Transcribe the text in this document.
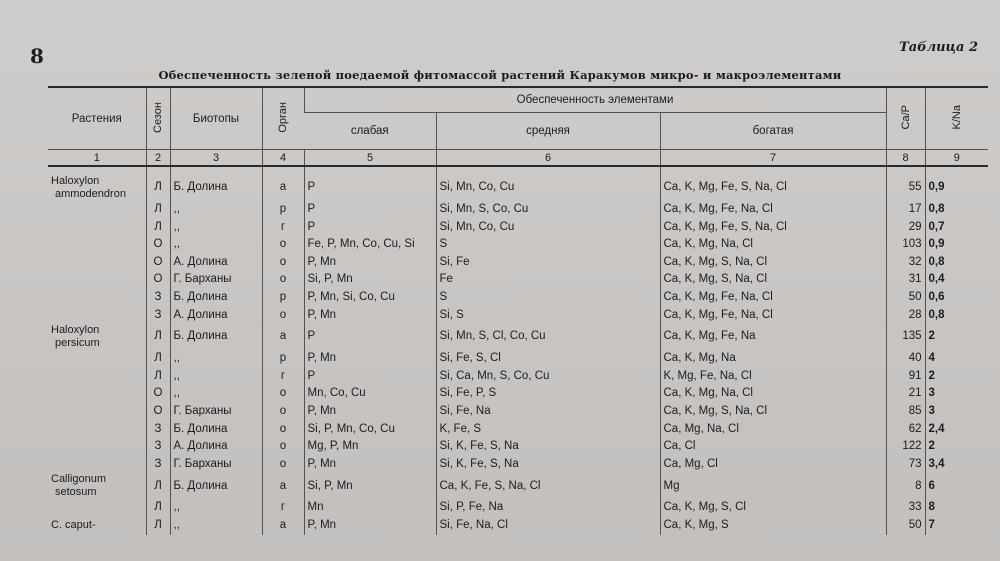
8	Таблица 2
Обеспеченность зеленой поедаемой фитомассой растений Каракумов микро- и макроэлементами
Растения	Сезон	Биотопы	Орган	Обеспеченность элементами			Ca/P	K/Na
				слабая	средняя	богатая		
1	2	3	4	5	6	7	8	9

Haloxylon
ammodendron	Л	Б. Долина	а	P	Si, Mn, Co, Cu	Ca, K, Mg, Fe, S, Na, Cl	55	0,9
	Л	,,	р	P	Si, Mn, S, Co, Cu	Ca, K, Mg, Fe, Na, Cl	17	0,8
	Л	,,	г	P	Si, Mn, Co, Cu	Ca, K, Mg, Fe, S, Na, Cl	29	0,7
	О	,,	о	Fe, P, Mn, Co, Cu, Si	S	Ca, K, Mg, Na, Cl	103	0,9
	О	А. Долина	о	P, Mn	Si, Fe	Ca, K, Mg, S, Na, Cl	32	0,8
	О	Г. Барханы	о	Si, P, Mn	Fe	Ca, K, Mg, S, Na, Cl	31	0,4
	З	Б. Долина	р	P, Mn, Si, Co, Cu	S	Ca, K, Mg, Fe, Na, Cl	50	0,6
	З	А. Долина	о	P, Mn	Si, S	Ca, K, Mg, Fe, Na, Cl	28	0,8

Haloxylon
persicum	Л	Б. Долина	а	P	Si, Mn, S, Cl, Co, Cu	Ca, K, Mg, Fe, Na	135	2
	Л	,,	р	P, Mn	Si, Fe, S, Cl	Ca, K, Mg, Na	40	4
	Л	,,	г	P	Si, Ca, Mn, S, Co, Cu	K, Mg, Fe, Na, Cl	91	2
	О	,,	о	Mn, Co, Cu	Si, Fe, P, S	Ca, K, Mg, Na, Cl	21	3
	О	Г. Барханы	о	P, Mn	Si, Fe, Na	Ca, K, Mg, S, Na, Cl	85	3
	З	Б. Долина	о	Si, P, Mn, Co, Cu	K, Fe, S	Ca, Mg, Na, Cl	62	2,4
	З	А. Долина	о	Mg, P, Mn	Si, K, Fe, S, Na	Ca, Cl	122	2
	З	Г. Барханы	о	P, Mn	Si, K, Fe, S, Na	Ca, Mg, Cl	73	3,4

Calligonum
setosum	Л	Б. Долина	а	Si, P, Mn	Ca, K, Fe, S, Na, Cl	Mg	8	6
	Л	,,	г	Mn	Si, P, Fe, Na	Ca, K, Mg, S, Cl	33	8

C. caput-	Л	,,	а	P, Mn	Si, Fe, Na, Cl	Ca, K, Mg, S	50	7
